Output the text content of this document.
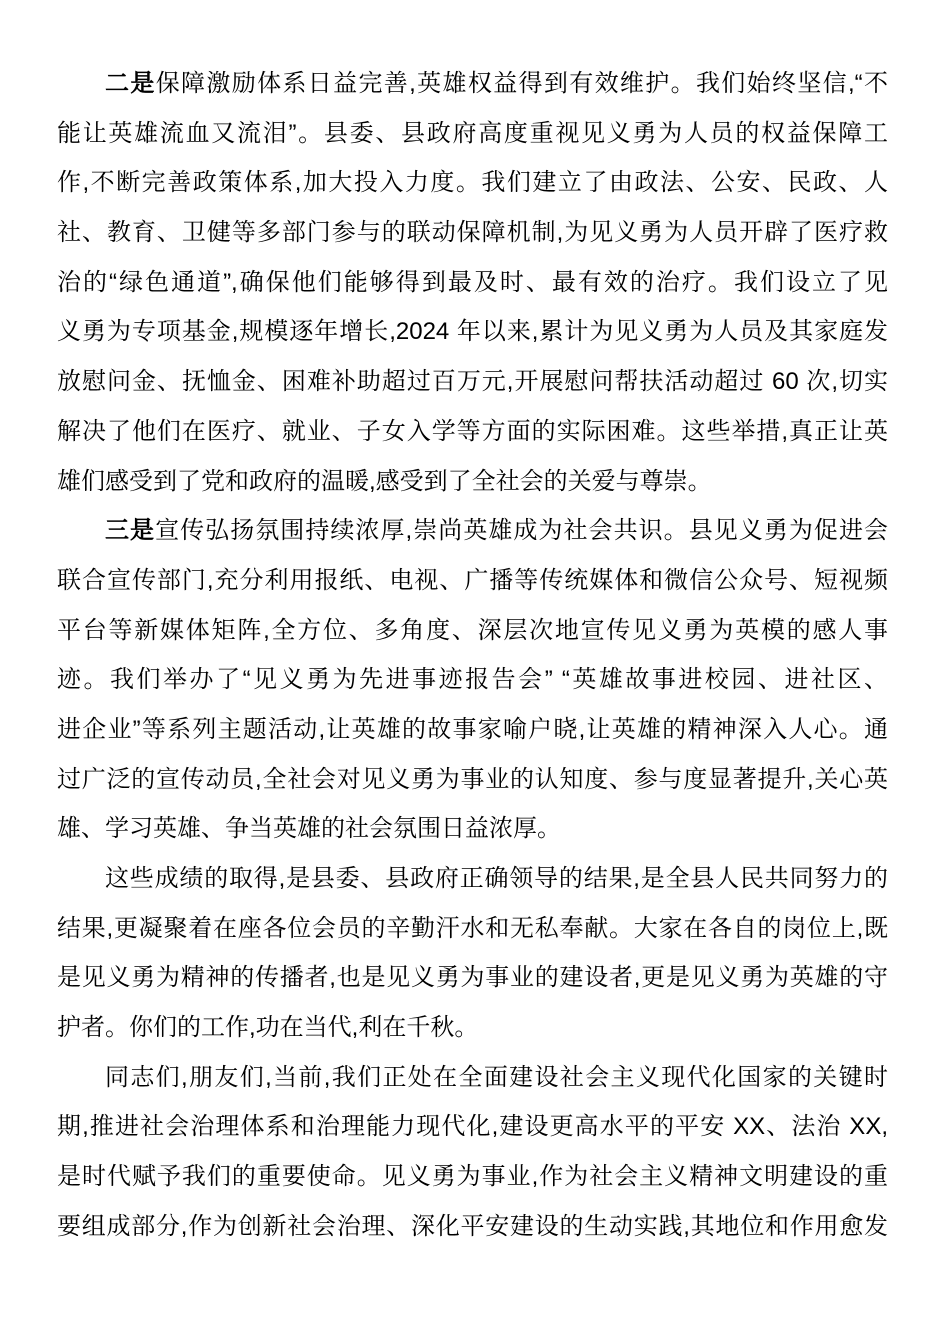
二是保障激励体系日益完善,英雄权益得到有效维护。我们始终坚信,“不
能让英雄流血又流泪”。县委、县政府高度重视见义勇为人员的权益保障工
作,不断完善政策体系,加大投入力度。我们建立了由政法、公安、民政、人
社、教育、卫健等多部门参与的联动保障机制,为见义勇为人员开辟了医疗救
治的“绿色通道”,确保他们能够得到最及时、最有效的治疗。我们设立了见
义勇为专项基金,规模逐年增长,2024 年以来,累计为见义勇为人员及其家庭发
放慰问金、抚恤金、困难补助超过百万元,开展慰问帮扶活动超过 60 次,切实
解决了他们在医疗、就业、子女入学等方面的实际困难。这些举措,真正让英
雄们感受到了党和政府的温暖,感受到了全社会的关爱与尊崇。
三是宣传弘扬氛围持续浓厚,崇尚英雄成为社会共识。县见义勇为促进会
联合宣传部门,充分利用报纸、电视、广播等传统媒体和微信公众号、短视频
平台等新媒体矩阵,全方位、多角度、深层次地宣传见义勇为英模的感人事
迹。我们举办了“见义勇为先进事迹报告会” “英雄故事进校园、进社区、
进企业”等系列主题活动,让英雄的故事家喻户晓,让英雄的精神深入人心。通
过广泛的宣传动员,全社会对见义勇为事业的认知度、参与度显著提升,关心英
雄、学习英雄、争当英雄的社会氛围日益浓厚。
这些成绩的取得,是县委、县政府正确领导的结果,是全县人民共同努力的
结果,更凝聚着在座各位会员的辛勤汗水和无私奉献。大家在各自的岗位上,既
是见义勇为精神的传播者,也是见义勇为事业的建设者,更是见义勇为英雄的守
护者。你们的工作,功在当代,利在千秋。
同志们,朋友们,当前,我们正处在全面建设社会主义现代化国家的关键时
期,推进社会治理体系和治理能力现代化,建设更高水平的平安 XX、法治 XX,
是时代赋予我们的重要使命。见义勇为事业,作为社会主义精神文明建设的重
要组成部分,作为创新社会治理、深化平安建设的生动实践,其地位和作用愈发
